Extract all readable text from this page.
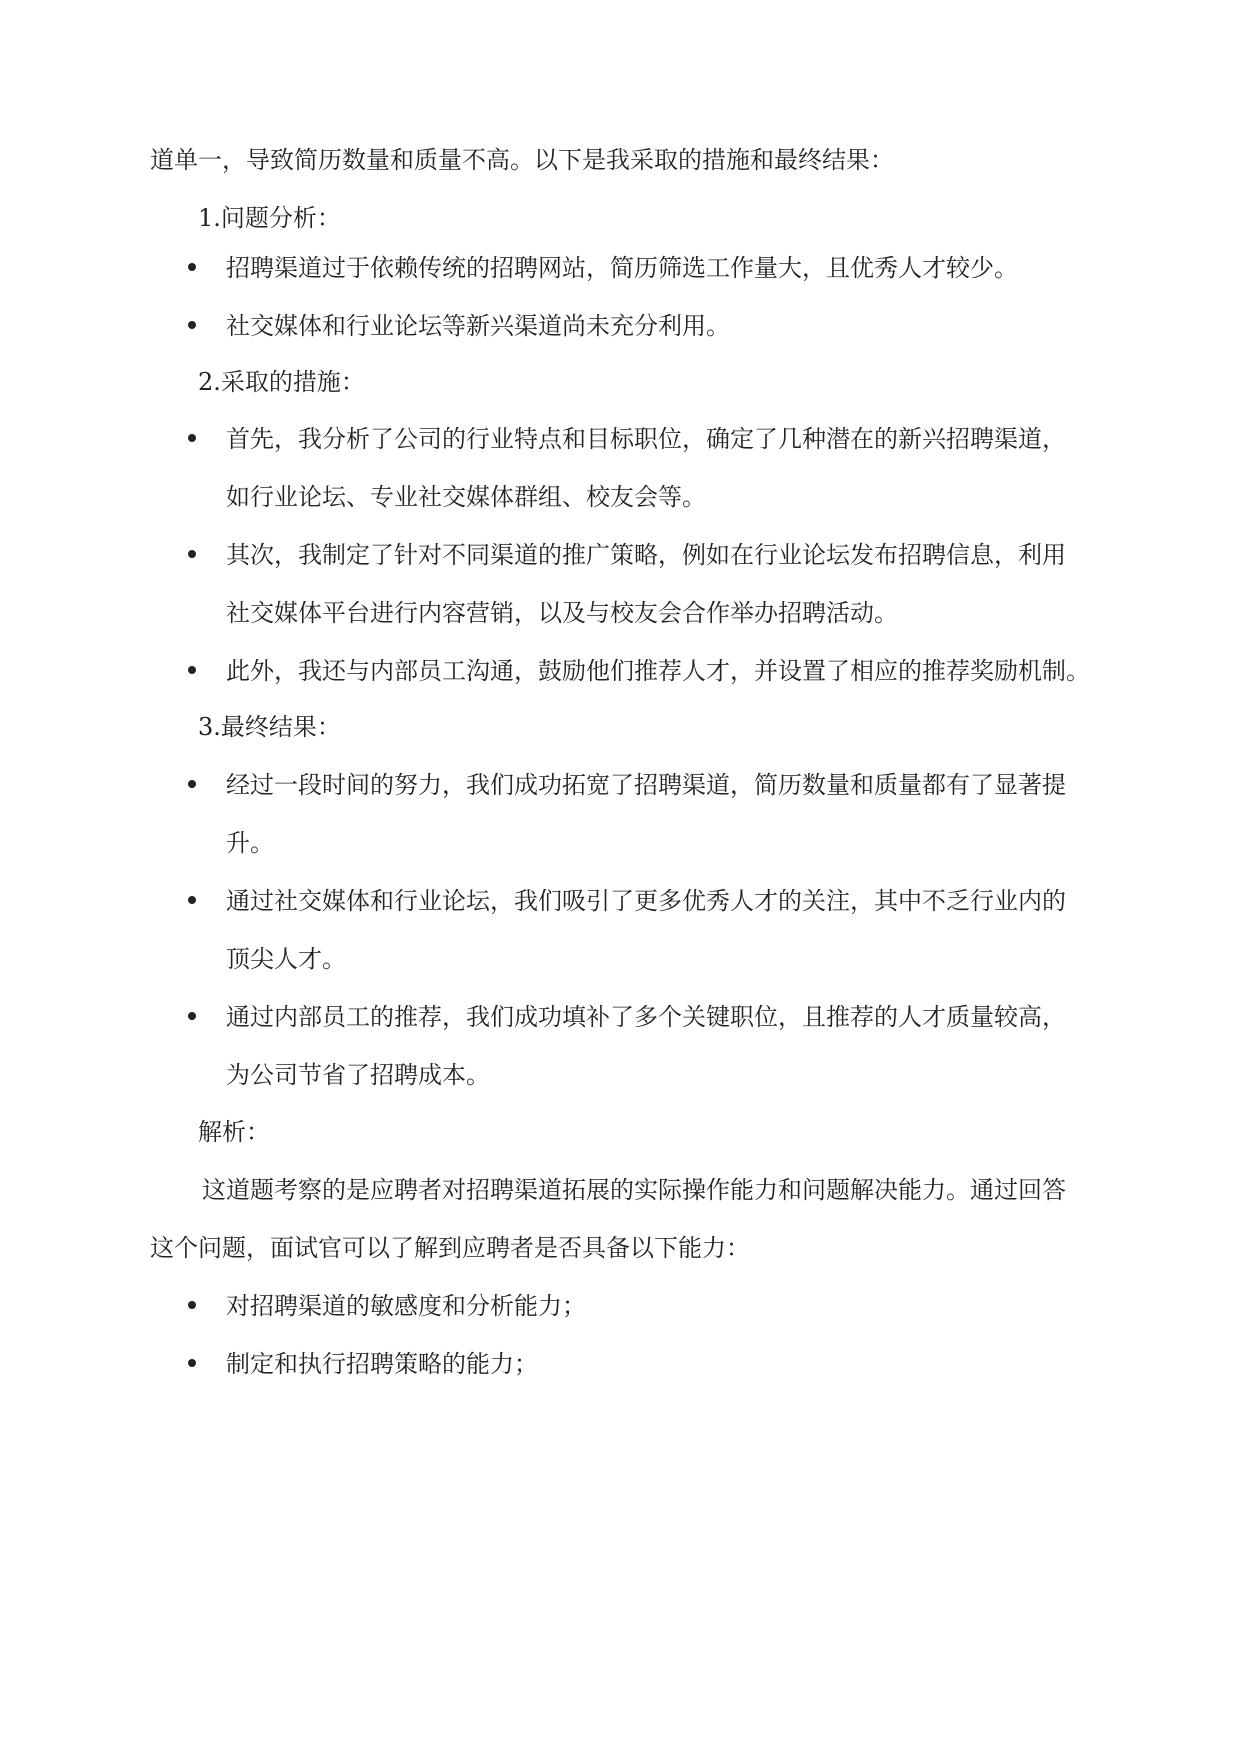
道单一，导致简历数量和质量不高。以下是我采取的措施和最终结果：
1.问题分析：
招聘渠道过于依赖传统的招聘网站，简历筛选工作量大，且优秀人才较少。
社交媒体和行业论坛等新兴渠道尚未充分利用。
2.采取的措施：
首先，我分析了公司的行业特点和目标职位，确定了几种潜在的新兴招聘渠道，
如行业论坛、专业社交媒体群组、校友会等。
其次，我制定了针对不同渠道的推广策略，例如在行业论坛发布招聘信息，利用
社交媒体平台进行内容营销，以及与校友会合作举办招聘活动。
此外，我还与内部员工沟通，鼓励他们推荐人才，并设置了相应的推荐奖励机制。
3.最终结果：
经过一段时间的努力，我们成功拓宽了招聘渠道，简历数量和质量都有了显著提
升。
通过社交媒体和行业论坛，我们吸引了更多优秀人才的关注，其中不乏行业内的
顶尖人才。
通过内部员工的推荐，我们成功填补了多个关键职位，且推荐的人才质量较高，
为公司节省了招聘成本。
解析：
这道题考察的是应聘者对招聘渠道拓展的实际操作能力和问题解决能力。通过回答
这个问题，面试官可以了解到应聘者是否具备以下能力：
对招聘渠道的敏感度和分析能力；
制定和执行招聘策略的能力；
